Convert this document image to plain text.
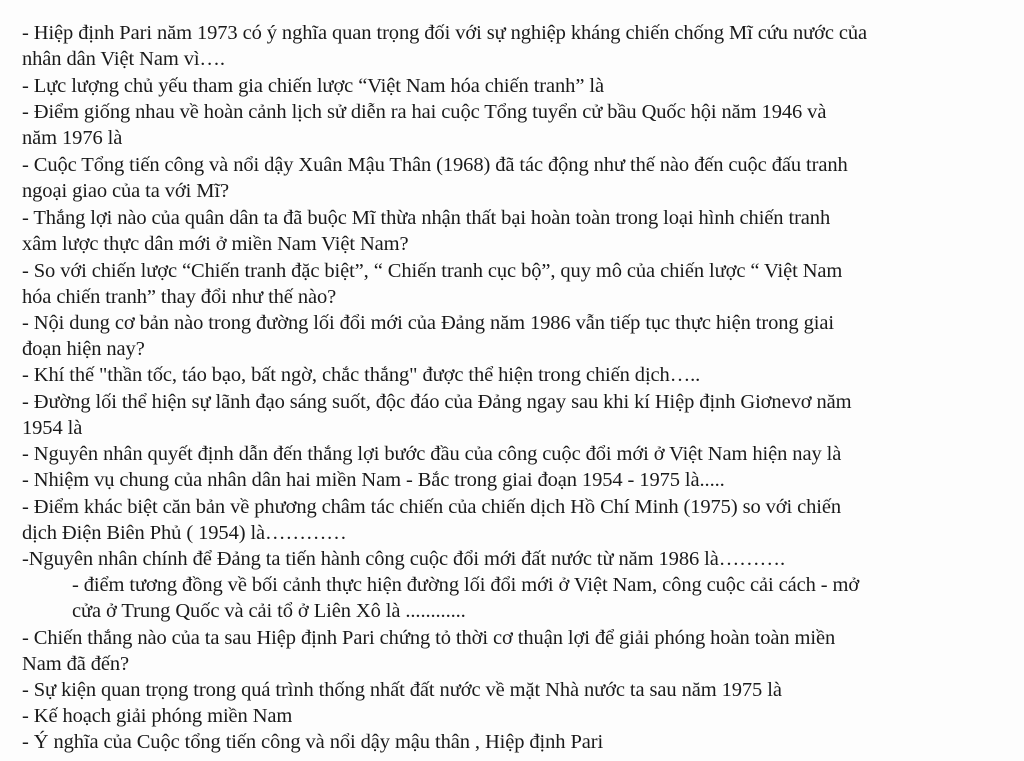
- Hiệp định Pari năm 1973 có ý nghĩa quan trọng đối với sự nghiệp kháng chiến chống Mĩ cứu nước của
nhân dân Việt Nam vì….
- Lực lượng chủ yếu tham gia chiến lược “Việt Nam hóa chiến tranh” là
- Điểm giống nhau về hoàn cảnh lịch sử diễn ra hai cuộc Tổng tuyển cử bầu Quốc hội năm 1946 và
năm 1976 là
- Cuộc Tổng tiến công và nổi dậy Xuân Mậu Thân (1968) đã tác động như thế nào đến cuộc đấu tranh
ngoại giao của ta với Mĩ?
- Thắng lợi nào của quân dân ta đã buộc Mĩ thừa nhận thất bại hoàn toàn trong loại hình chiến tranh
xâm lược thực dân mới ở miền Nam Việt Nam?
- So với chiến lược “Chiến tranh đặc biệt”, “ Chiến tranh cục bộ”, quy mô của chiến lược “ Việt Nam
hóa chiến tranh” thay đổi như thế nào?
- Nội dung cơ bản nào trong đường lối đổi mới của Đảng năm 1986 vẫn tiếp tục thực hiện trong giai
đoạn hiện nay?
- Khí thế "thần tốc, táo bạo, bất ngờ, chắc thắng" được thể hiện trong chiến dịch…..
- Đường lối thể hiện sự lãnh đạo sáng suốt, độc đáo của Đảng ngay sau khi kí Hiệp định Giơnevơ năm
1954 là
- Nguyên nhân quyết định dẫn đến thắng lợi bước đầu của công cuộc đổi mới ở Việt Nam hiện nay là
- Nhiệm vụ chung của nhân dân hai miền Nam - Bắc trong giai đoạn 1954 - 1975 là.....
- Điểm khác biệt căn bản về phương châm tác chiến của chiến dịch Hồ Chí Minh (1975) so với chiến
dịch Điện Biên Phủ ( 1954) là…………
-Nguyên nhân chính để Đảng ta tiến hành công cuộc đổi mới đất nước từ năm 1986 là……….
- điểm tương đồng về bối cảnh thực hiện đường lối đổi mới ở Việt Nam, công cuộc cải cách - mở
cửa ở Trung Quốc và cải tổ ở Liên Xô là ............
- Chiến thắng nào của ta sau Hiệp định Pari chứng tỏ thời cơ thuận lợi để giải phóng hoàn toàn miền
Nam đã đến?
- Sự kiện quan trọng trong quá trình thống nhất đất nước về mặt Nhà nước ta sau năm 1975 là
- Kế hoạch giải phóng miền Nam
- Ý nghĩa của Cuộc tổng tiến công và nổi dậy mậu thân , Hiệp định Pari
